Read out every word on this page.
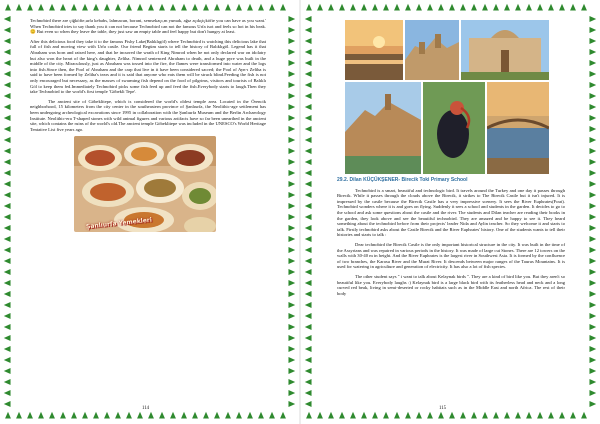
Technobird there are çiğköfte,urfa kebabs, lahmacun, borani, semsekaçı,m yumak, ağız açıkçiçköfte you can have as you want.' When Technobird tries to say thank you it can not because Technobird can not the famous Urfa isot and feels so hot in his beak. 😊 But even so when they leave the table, they just saw an empty table and feel happy but don't hungry at least.

After this delicious food they take it to the famous Fishy Lake(Balıklıgöl) where Technobird is watching this delicious lake that full of fish and moving view with Urfa castle. Our friend Begüm starts to tell the history of Balıklıgöl. Legend has it that Abraham was born and raised here, and that he incurred the wrath of King Nimrod when he not only declared war on idolatry but also won the heart of the king's daughter, Zeliha. Nimrod sentenced Abraham to death, and a huge pyre was built in the middle of the city. Miraculously, just as Abraham was tossed into the fire, the flames were transformed into water and the logs into fish.Since then, the Pool of Abraham and the carp that live in it have been considered sacred; the Pool of Ayn-ı Zeliha is said to have been formed by Zeliha's tears and it is said that anyone who eats them will be struck blind.Feeding the fish is not only encouraged but necessary, as the masses of swarming fish depend on the food of pilgrims, visitors and tourists of Balıklı Göl to keep them fed.Immediately Technobird picks some fish feed up and feed the fish.Everybody starts to laugh.Then they take Technobird to the world's first temple 'Göbekli Tepe'.

The ancient site of Göbeklitepe, which is considered the world's oldest temple area. Located in the Örencik neighborhood, 15 kilometers from the city center in the southeastern province of Şanlıurfa, the Neolithic-age settlement has been undergoing archeological excavations since 1995 in collaboration with the Şanlıurfa Museum and the Berlin Archaeology Institute. Neolithic-era T-shaped stones with wild animal figures and various artifacts have so far been unearthed in the ancient site, which contains the ruins of the world's old.The ancient temple Göbeklitepe was included in the UNESCO's World Heritage Tentative List five years ago.

Şanlıurfa Yemekleri
114
29.2. Dilan KÜÇÜKŞENER- Birecik Toki Primary School

Technobird is a smart, beautiful and technologic bird. It travels around the Turkey and one day it passes through Birecik. While it passes through the clouds above the Birecik, it strikes to The Birecik Castle but it isn't injured. It is impressed by the castle because the Birecik Castle has a very impressive scenery. It sees the River Euphrates(Fırat). Technobird wonders where it is and goes on flying. Suddenly it sees a school and students in the garden. It decides to go to the school and ask some questions about the castle and the river. The students and Dilan teacher are reading their books in the garden, they look above and see the beautiful technobird. They are amazed and be happy to see it. They heard something about the technobird before from their projects' leader Nida and Aylin teacher. So they welcome it and starts to talk. Firstly technobird asks about the Castle Birecik and the River Euphrates' history. One of the students wants to tell their histories and starts to talk :

Dear technobird the Birecik Castle is the only important historical structure in the city. It was built in the time of the Assyrians and was repaired in various periods in the history. It was made of large cut Stones. There are 12 towers on the walls with 30-40 m in height. And the River Euphrates is the largest river in Southwest Asia. It is formed by the confluence of two branches, the Karasu River and the Murat River. It descends between major ranges of the Taurus Mountains. It is used for watering in agriculture and generation of electricity. It has also a lot of fish species.

The other student says '' i want to talk about Kelaynak birds ''. They are a kind of bird like you. But they aren't so beautiful like you. Everybody laughs :) Kelaynak bird is a large black bird with its featherless head and neck and a long curved red beak, living in semi-deserted or rocky habitats such as in the Middle East and north Africa. The rest of their body

115
